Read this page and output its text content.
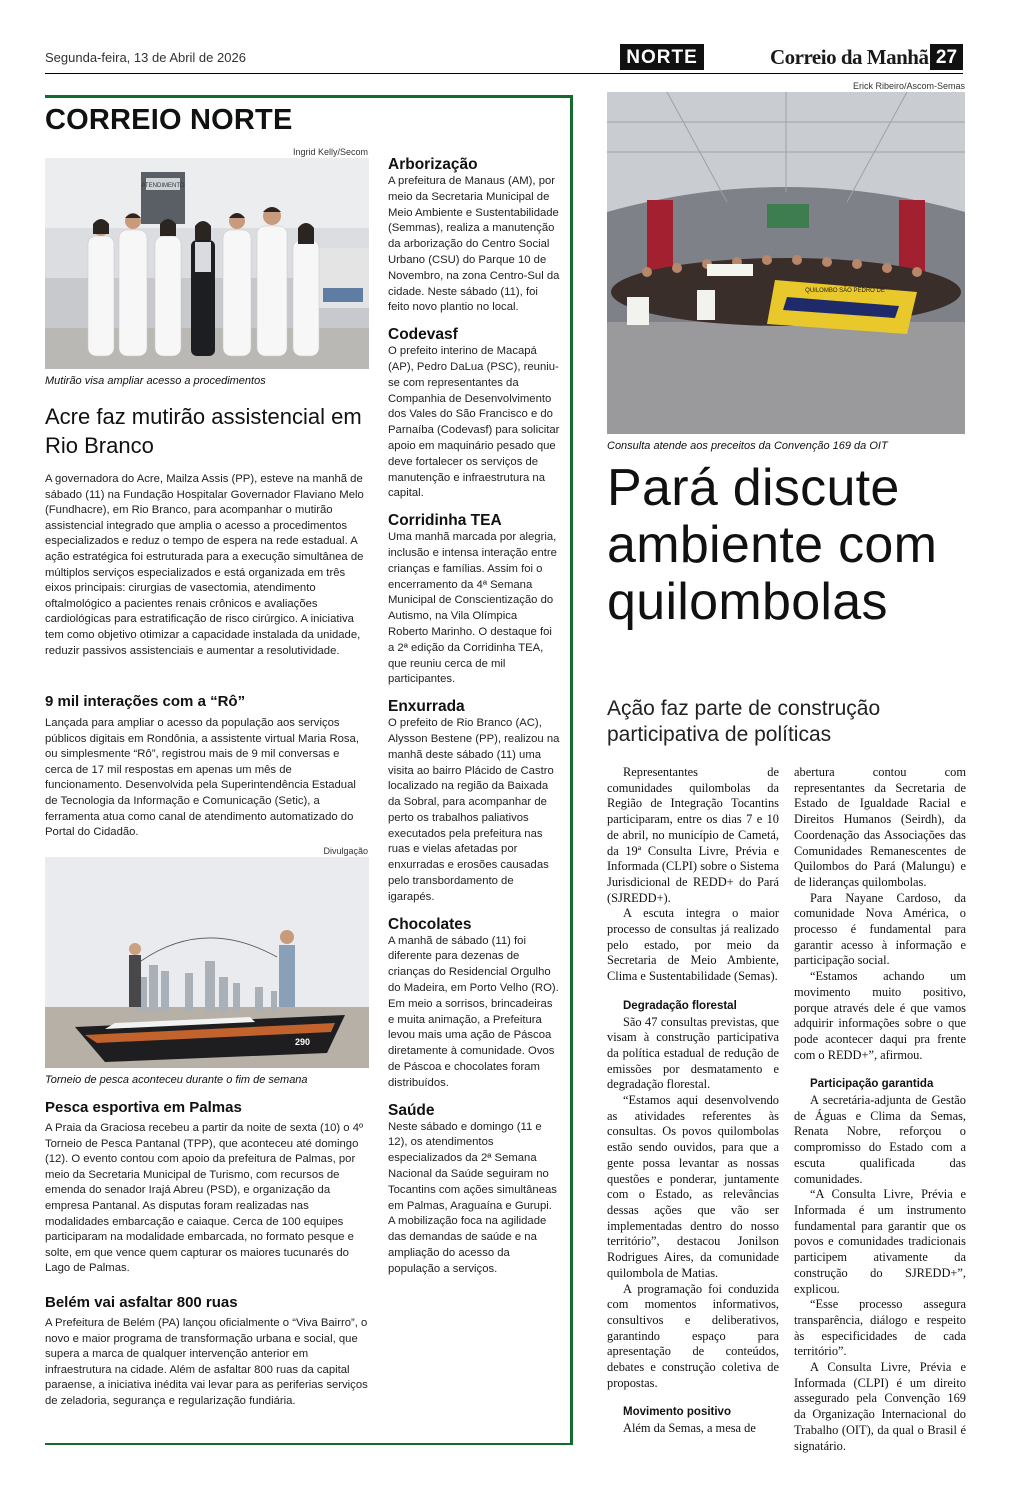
Segunda-feira, 13 de Abril de 2026	NORTE	Correio da Manhã 27
CORREIO NORTE
Ingrid Kelly/Secom
ATENDIMENTO
Mutirão visa ampliar acesso a procedimentos
Acre faz mutirão assistencial em Rio Branco
A governadora do Acre, Mailza Assis (PP), esteve na manhã de sábado (11) na Fundação Hospitalar Governador Flaviano Melo (Fundhacre), em Rio Branco, para acompanhar o mutirão assistencial integrado que amplia o acesso a procedimentos especializados e reduz o tempo de espera na rede estadual. A ação estratégica foi estruturada para a execução simultânea de múltiplos serviços especializados e está organizada em três eixos principais: cirurgias de vasectomia, atendimento oftalmológico a pacientes renais crônicos e avaliações cardiológicas para estratificação de risco cirúrgico. A iniciativa tem como objetivo otimizar a capacidade instalada da unidade, reduzir passivos assistenciais e aumentar a resolutividade.
9 mil interações com a “Rô”
Lançada para ampliar o acesso da população aos serviços públicos digitais em Rondônia, a assistente virtual Maria Rosa, ou simplesmente “Rô”, registrou mais de 9 mil conversas e cerca de 17 mil respostas em apenas um mês de funcionamento. Desenvolvida pela Superintendência Estadual de Tecnologia da Informação e Comunicação (Setic), a ferramenta atua como canal de atendimento automatizado do Portal do Cidadão.
Divulgação
290
Torneio de pesca aconteceu durante o fim de semana
Pesca esportiva em Palmas
A Praia da Graciosa recebeu a partir da noite de sexta (10) o 4º Torneio de Pesca Pantanal (TPP), que aconteceu até domingo (12). O evento contou com apoio da prefeitura de Palmas, por meio da Secretaria Municipal de Turismo, com recursos de emenda do senador Irajá Abreu (PSD), e organização da empresa Pantanal. As disputas foram realizadas nas modalidades embarcação e caiaque. Cerca de 100 equipes participaram na modalidade embarcada, no formato pesque e solte, em que vence quem capturar os maiores tucunarés do Lago de Palmas.
Belém vai asfaltar 800 ruas
A Prefeitura de Belém (PA) lançou oficialmente o “Viva Bairro”, o novo e maior programa de transformação urbana e social, que supera a marca de qualquer intervenção anterior em infraestrutura na cidade. Além de asfaltar 800 ruas da capital paraense, a iniciativa inédita vai levar para as periferias serviços de zeladoria, segurança e regularização fundiária.
Arborização
A prefeitura de Manaus (AM), por meio da Secretaria Municipal de Meio Ambiente e Sustentabilidade (Semmas), realiza a manutenção da arborização do Centro Social Urbano (CSU) do Parque 10 de Novembro, na zona Centro-Sul da cidade. Neste sábado (11), foi feito novo plantio no local.
Codevasf
O prefeito interino de Macapá (AP), Pedro DaLua (PSC), reuniu-se com representantes da Companhia de Desenvolvimento dos Vales do São Francisco e do Parnaíba (Codevasf) para solicitar apoio em maquinário pesado que deve fortalecer os serviços de manutenção e infraestrutura na capital.
Corridinha TEA
Uma manhã marcada por alegria, inclusão e intensa interação entre crianças e famílias. Assim foi o encerramento da 4ª Semana Municipal de Conscientização do Autismo, na Vila Olímpica Roberto Marinho. O destaque foi a 2ª edição da Corridinha TEA, que reuniu cerca de mil participantes.
Enxurrada
O prefeito de Rio Branco (AC), Alysson Bestene (PP), realizou na manhã deste sábado (11) uma visita ao bairro Plácido de Castro localizado na região da Baixada da Sobral, para acompanhar de perto os trabalhos paliativos executados pela prefeitura nas ruas e vielas afetadas por enxurradas e erosões causadas pelo transbordamento de igarapés.
Chocolates
A manhã de sábado (11) foi diferente para dezenas de crianças do Residencial Orgulho do Madeira, em Porto Velho (RO). Em meio a sorrisos, brincadeiras e muita animação, a Prefeitura levou mais uma ação de Páscoa diretamente à comunidade. Ovos de Páscoa e chocolates foram distribuídos.
Saúde
Neste sábado e domingo (11 e 12), os atendimentos especializados da 2ª Semana Nacional da Saúde seguiram no Tocantins com ações simultâneas em Palmas, Araguaína e Gurupi. A mobilização foca na agilidade das demandas de saúde e na ampliação do acesso da população a serviços.
Erick Ribeiro/Ascom-Semas
QUILOMBO SÃO PEDRO DE
Consulta atende aos preceitos da Convenção 169 da OIT
Pará discute ambiente com quilombolas
Ação faz parte de construção participativa de políticas

Representantes de comunidades quilombolas da Região de Integração Tocantins participaram, entre os dias 7 e 10 de abril, no município de Cametá, da 19ª Consulta Livre, Prévia e Informada (CLPI) sobre o Sistema Jurisdicional de REDD+ do Pará (SJREDD+).

A escuta integra o maior processo de consultas já realizado pelo estado, por meio da Secretaria de Meio Ambiente, Clima e Sustentabilidade (Semas).

Degradação florestal

São 47 consultas previstas, que visam à construção participativa da política estadual de redução de emissões por desmatamento e degradação florestal.

“Estamos aqui desenvolvendo as atividades referentes às consultas. Os povos quilombolas estão sendo ouvidos, para que a gente possa levantar as nossas questões e ponderar, juntamente com o Estado, as relevâncias dessas ações que vão ser implementadas dentro do nosso território”, destacou Jonilson Rodrigues Aires, da comunidade quilombola de Matias.

A programação foi conduzida com momentos informativos, consultivos e deliberativos, garantindo espaço para apresentação de conteúdos, debates e construção coletiva de propostas.

Movimento positivo

Além da Semas, a mesa de

abertura contou com representantes da Secretaria de Estado de Igualdade Racial e Direitos Humanos (Seirdh), da Coordenação das Associações das Comunidades Remanescentes de Quilombos do Pará (Malungu) e de lideranças quilombolas.

Para Nayane Cardoso, da comunidade Nova América, o processo é fundamental para garantir acesso à informação e participação social.

“Estamos achando um movimento muito positivo, porque através dele é que vamos adquirir informações sobre o que pode acontecer daqui pra frente com o REDD+”, afirmou.

Participação garantida

A secretária-adjunta de Gestão de Águas e Clima da Semas, Renata Nobre, reforçou o compromisso do Estado com a escuta qualificada das comunidades.

“A Consulta Livre, Prévia e Informada é um instrumento fundamental para garantir que os povos e comunidades tradicionais participem ativamente da construção do SJREDD+”, explicou.

“Esse processo assegura transparência, diálogo e respeito às especificidades de cada território”.

A Consulta Livre, Prévia e Informada (CLPI) é um direito assegurado pela Convenção 169 da Organização Internacional do Trabalho (OIT), da qual o Brasil é signatário.
